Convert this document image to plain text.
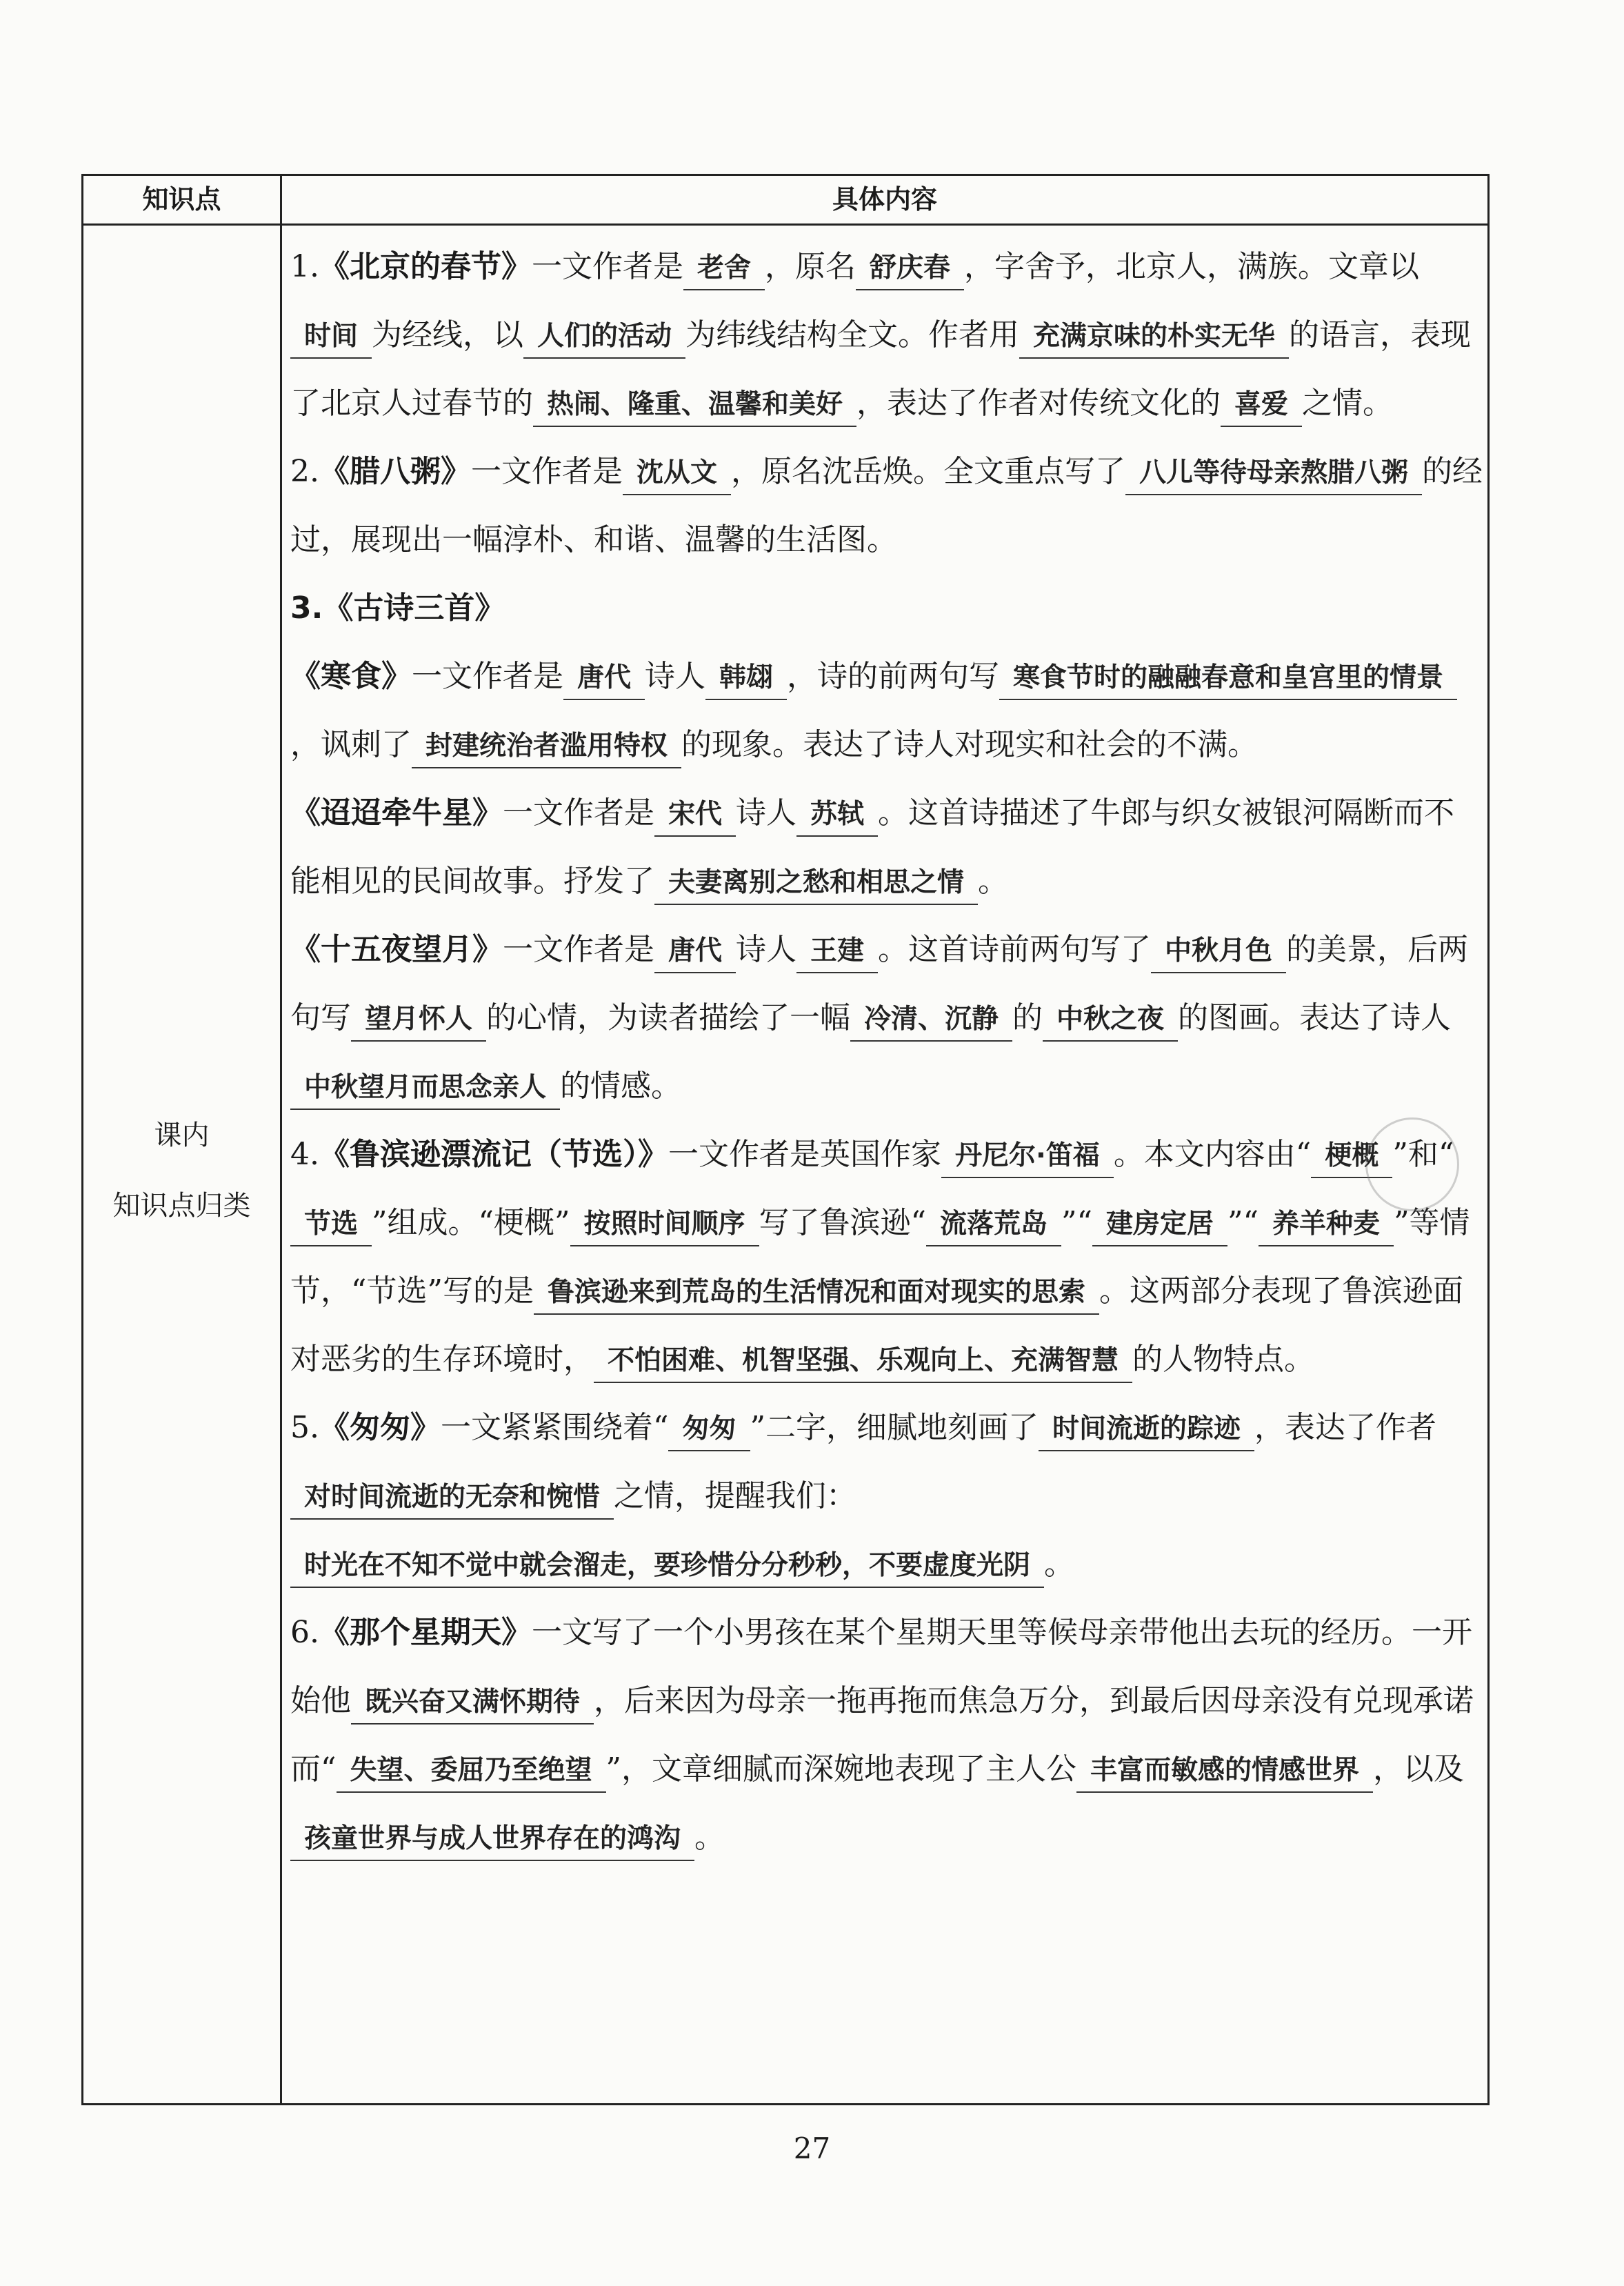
知识点	具体内容
课内
知识点归类

1.《北京的春节》一文作者是 老舍 ，原名 舒庆春 ，字舍予，北京人，满族。文章以时间 为经线，以 人们的活动 为纬线结构全文。作者用 充满京味的朴实无华 的语言，表现了北京人过春节的 热闹、隆重、温馨和美好 ，表达了作者对传统文化的 喜爱 之情。

2.《腊八粥》一文作者是 沈从文 ，原名沈岳焕。全文重点写了 八儿等待母亲熬腊八粥 的经过，展现出一幅淳朴、和谐、温馨的生活图。

3.《古诗三首》

《寒食》一文作者是 唐代 诗人 韩翃 ，诗的前两句写 寒食节时的融融春意和皇宫里的情景，讽刺了 封建统治者滥用特权 的现象。表达了诗人对现实和社会的不满。

《迢迢牵牛星》一文作者是 宋代 诗人 苏轼 。这首诗描述了牛郎与织女被银河隔断而不能相见的民间故事。抒发了 夫妻离别之愁和相思之情 。

《十五夜望月》一文作者是 唐代 诗人 王建 。这首诗前两句写了 中秋月色 的美景，后两句写 望月怀人 的心情，为读者描绘了一幅 冷清、沉静 的 中秋之夜 的图画。表达了诗人中秋望月而思念亲人 的情感。

4.《鲁滨逊漂流记（节选）》一文作者是英国作家 丹尼尔·笛福 。本文内容由“ 梗概 ”和“节选 ”组成。“梗概” 按照时间顺序 写了鲁滨逊“ 流落荒岛 ”“ 建房定居 ”“ 养羊种麦 ”等情节，“节选”写的是 鲁滨逊来到荒岛的生活情况和面对现实的思索 。这两部分表现了鲁滨逊面对恶劣的生存环境时， 不怕困难、机智坚强、乐观向上、充满智慧 的人物特点。

5.《匆匆》一文紧紧围绕着“ 匆匆 ”二字，细腻地刻画了 时间流逝的踪迹 ，表达了作者对时间流逝的无奈和惋惜 之情，提醒我们：时光在不知不觉中就会溜走，要珍惜分分秒秒，不要虚度光阴 。

6.《那个星期天》一文写了一个小男孩在某个星期天里等候母亲带他出去玩的经历。一开始他 既兴奋又满怀期待 ，后来因为母亲一拖再拖而焦急万分，到最后因母亲没有兑现承诺而“ 失望、委屈乃至绝望 ”，文章细腻而深婉地表现了主人公 丰富而敏感的情感世界 ，以及孩童世界与成人世界存在的鸿沟 。

27
